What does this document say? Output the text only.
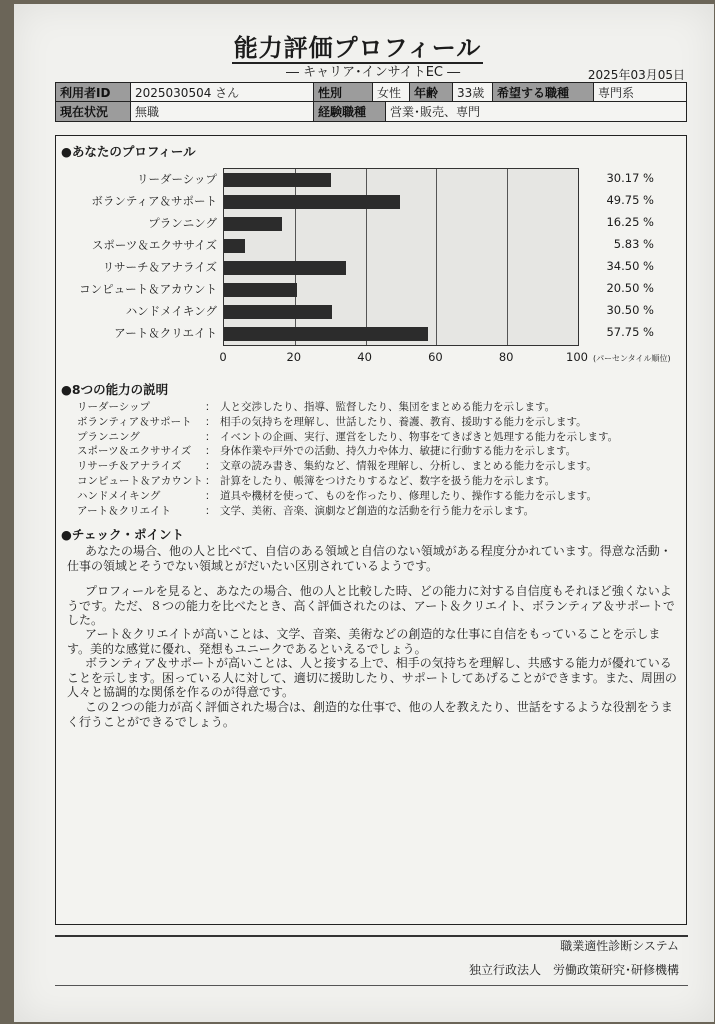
能力評価プロフィール
― キャリア･インサイトEC ―	2025年03月05日
利用者ID	2025030504 さん	性別	女性	年齢	33歳	希望する職種	専門系
現在状況	無職	経験職種	営業･販売、専門
●あなたのプロフィール
リーダーシップ	30.17 %
ボランティア＆サポート	49.75 %
プランニング	16.25 %
スポーツ＆エクササイズ	5.83 %
リサーチ＆アナライズ	34.50 %
コンピュート＆アカウント	20.50 %
ハンドメイキング	30.50 %
アート＆クリエイト	57.75 %
0	20	40	60	80	100 (パーセンタイル順位)
●8つの能力の説明
リーダーシップ	： 人と交渉したり、指導、監督したり、集団をまとめる能力を示します。
ボランティア＆サポート ： 相手の気持ちを理解し、世話したり、養護、教育、援助する能力を示します。
プランニング	： イベントの企画、実行、運営をしたり、物事をてきぱきと処理する能力を示します。
スポーツ＆エクササイズ ： 身体作業や戸外での活動、持久力や体力、敏捷に行動する能力を示します。
リサーチ＆アナライズ ： 文章の読み書き、集約など、情報を理解し、分析し、まとめる能力を示します。
コンピュート＆アカウント ： 計算をしたり、帳簿をつけたりするなど、数字を扱う能力を示します。
ハンドメイキング	： 道具や機材を使って、ものを作ったり、修理したり、操作する能力を示します。
アート＆クリエイト	： 文学、美術、音楽、演劇など創造的な活動を行う能力を示します。
●チェック・ポイント
あなたの場合、他の人と比べて、自信のある領域と自信のない領域がある程度分かれています。得意な活動・仕事の領域とそうでない領域とがだいたい区別されているようです。
プロフィールを見ると、あなたの場合、他の人と比較した時、どの能力に対する自信度もそれほど強くないようです。ただ、８つの能力を比べたとき、高く評価されたのは、アート＆クリエイト、ボランティア＆サポートでした。
アート＆クリエイトが高いことは、文学、音楽、美術などの創造的な仕事に自信をもっていることを示します。美的な感覚に優れ、発想もユニークであるといえるでしょう。
ボランティア＆サポートが高いことは、人と接する上で、相手の気持ちを理解し、共感する能力が優れていることを示します。困っている人に対して、適切に援助したり、サポートしてあげることができます。また、周囲の人々と協調的な関係を作るのが得意です。
この２つの能力が高く評価された場合は、創造的な仕事で、他の人を教えたり、世話をするような役割をうまく行うことができるでしょう。
職業適性診断システム
独立行政法人　労働政策研究･研修機構
